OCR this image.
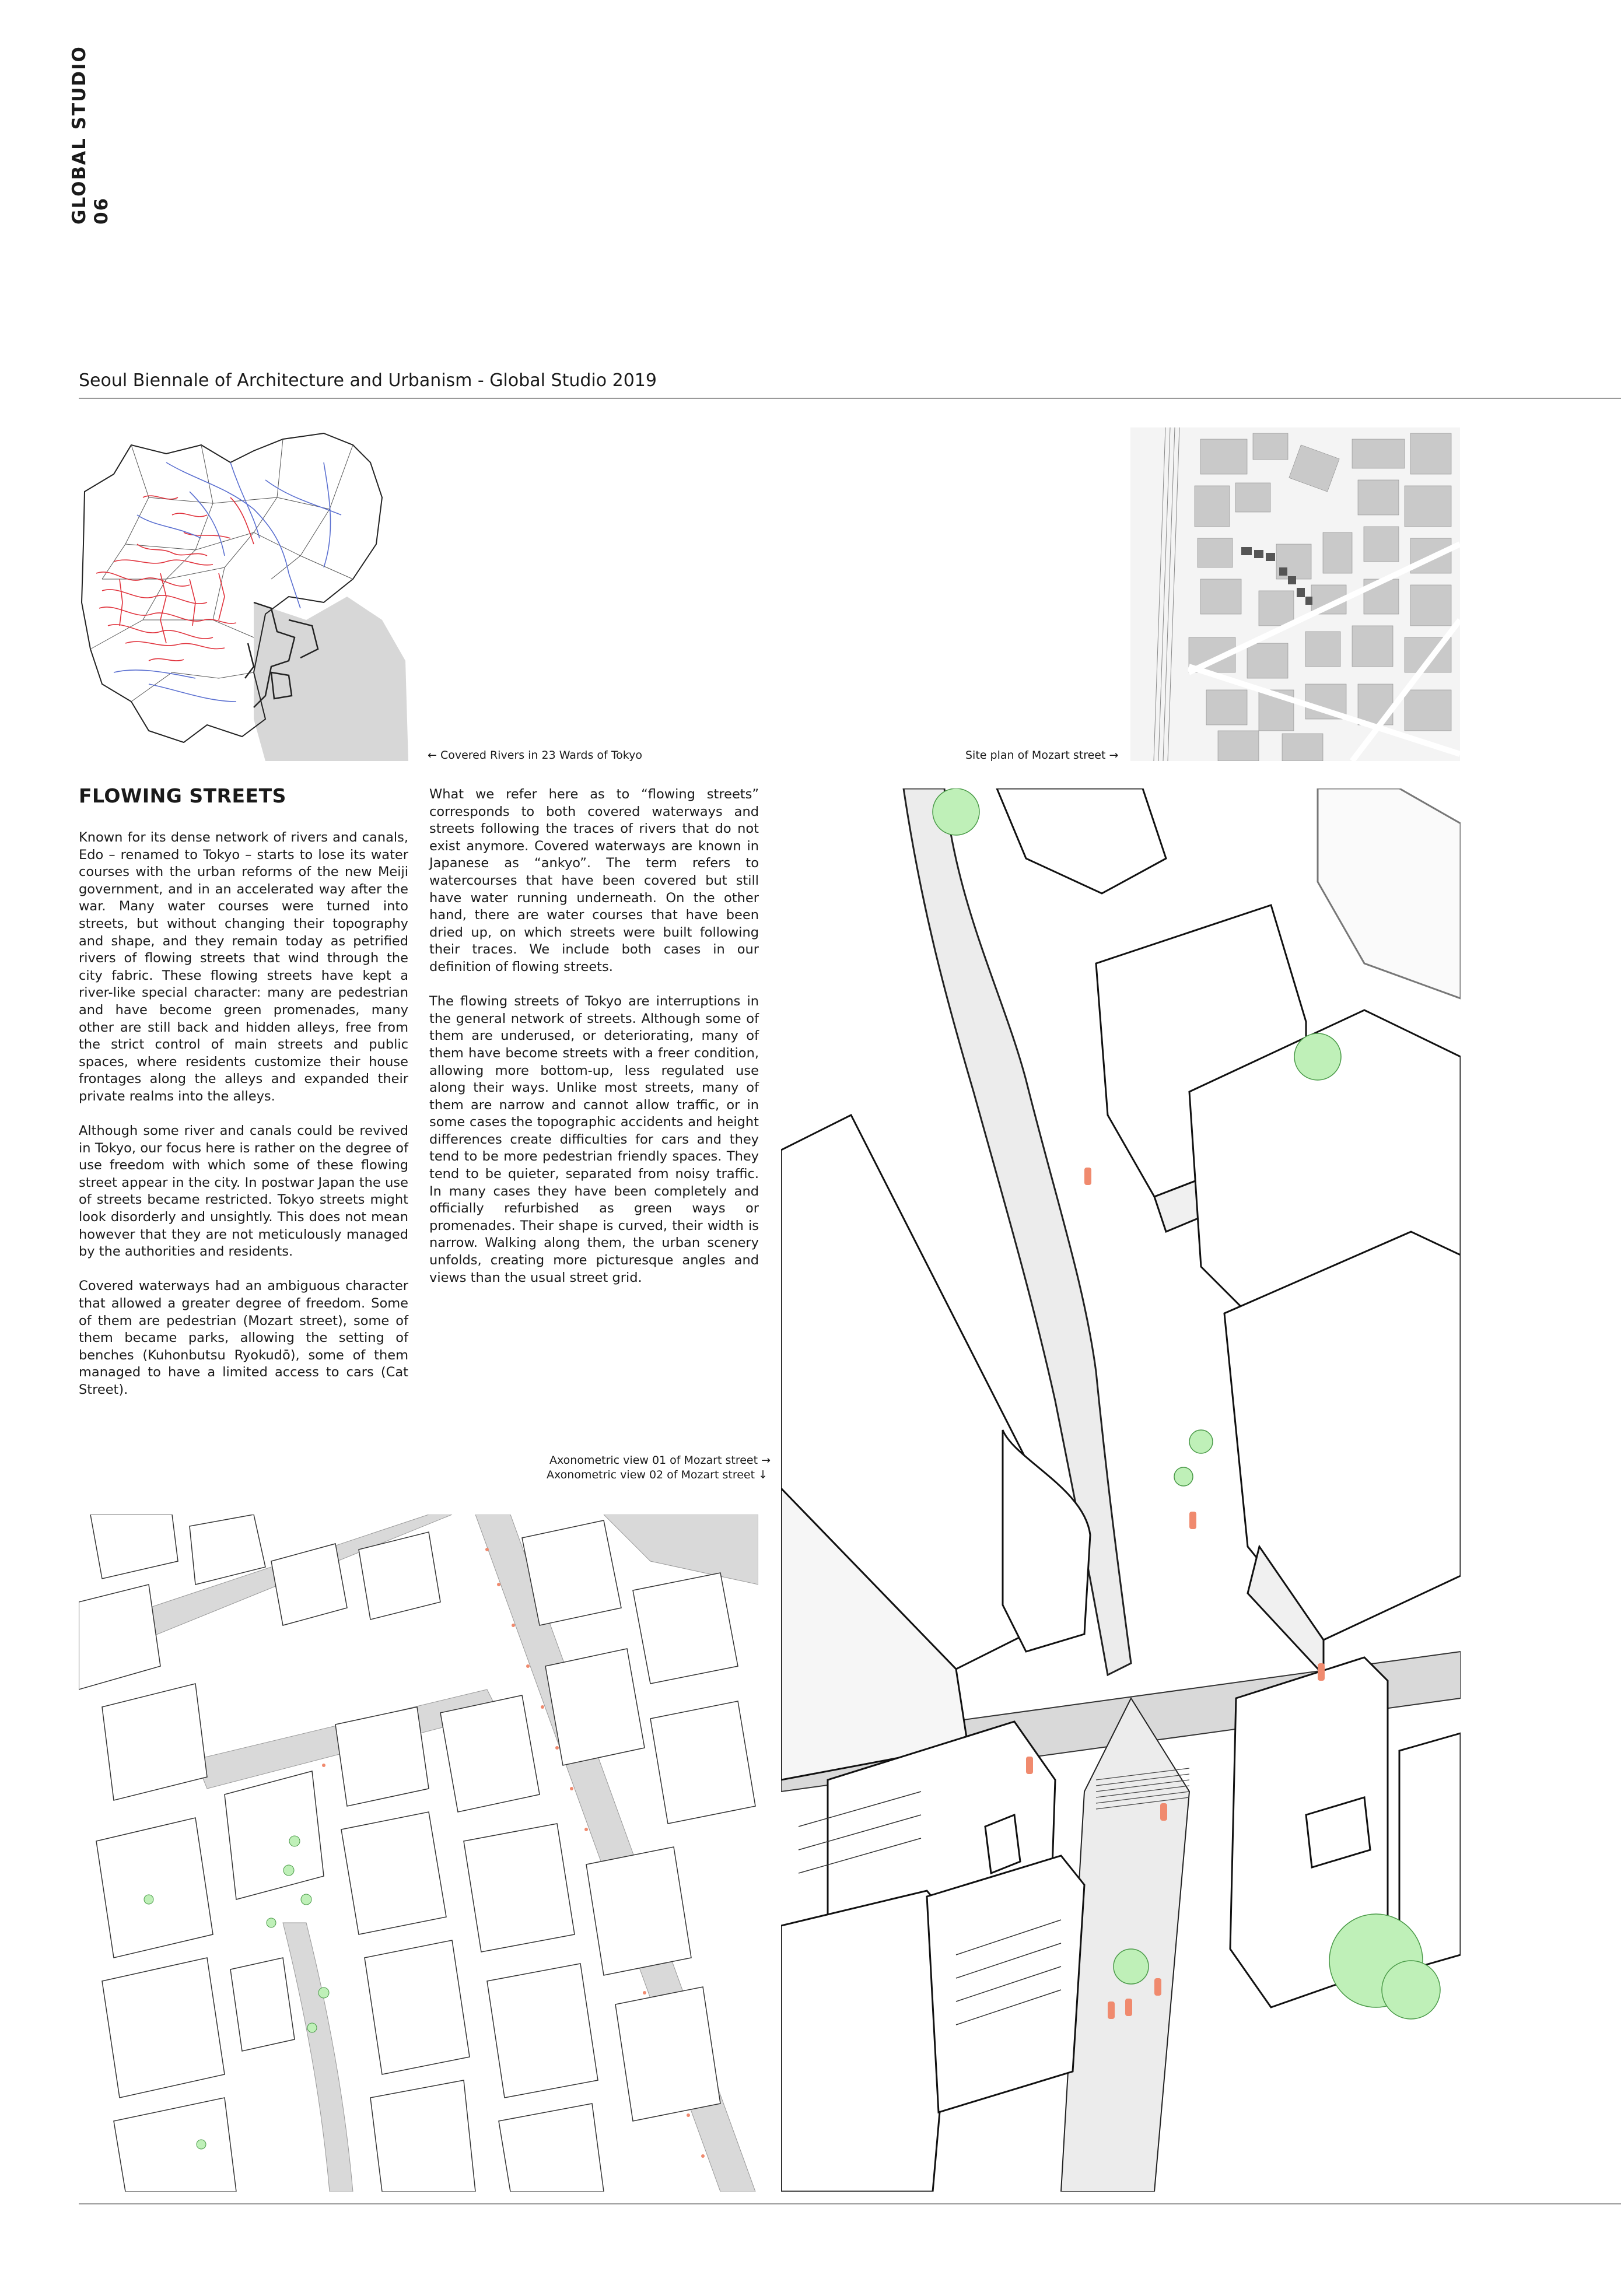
GLOBAL STUDIO 06
Seoul Biennale of Architecture and Urbanism - Global Studio 2019
← Covered Rivers in 23 Wards of Tokyo	Site plan of Mozart street →
FLOWING STREETS

Known for its dense network of rivers and canals, Edo – renamed to Tokyo – starts to lose its water courses with the urban reforms of the new Meiji government, and in an accelerated way after the war. Many water courses were turned into streets, but without changing their topography and shape, and they remain today as petrified rivers of flowing streets that wind through the city fabric. These flowing streets have kept a river-like special character: many are pedestrian and have become green promenades, many other are still back and hidden alleys, free from the strict control of main streets and public spaces, where residents customize their house frontages along the alleys and expanded their private realms into the alleys.

Although some river and canals could be revived in Tokyo, our focus here is rather on the degree of use freedom with which some of these flowing street appear in the city. In postwar Japan the use of streets became restricted. Tokyo streets might look disorderly and unsightly. This does not mean however that they are not meticulously managed by the authorities and residents.

Covered waterways had an ambiguous character that allowed a greater degree of freedom. Some of them are pedestrian (Mozart street), some of them became parks, allowing the setting of benches (Kuhonbutsu Ryokudō), some of them managed to have a limited access to cars (Cat Street).

What we refer here as to “flowing streets” corresponds to both covered waterways and streets following the traces of rivers that do not exist anymore. Covered waterways are known in Japanese as “ankyo”. The term refers to watercourses that have been covered but still have water running underneath. On the other hand, there are water courses that have been dried up, on which streets were built following their traces. We include both cases in our definition of flowing streets.

The flowing streets of Tokyo are interruptions in the general network of streets. Although some of them are underused, or deteriorating, many of them have become streets with a freer condition, allowing more bottom-up, less regulated use along their ways. Unlike most streets, many of them are narrow and cannot allow traffic, or in some cases the topographic accidents and height differences create difficulties for cars and they tend to be more pedestrian friendly spaces. They tend to be quieter, separated from noisy traffic. In many cases they have been completely and officially refurbished as green ways or promenades. Their shape is curved, their width is narrow. Walking along them, the urban scenery unfolds, creating more picturesque angles and views than the usual street grid.

Axonometric view 01 of Mozart street →
Axonometric view 02 of Mozart street ↓
